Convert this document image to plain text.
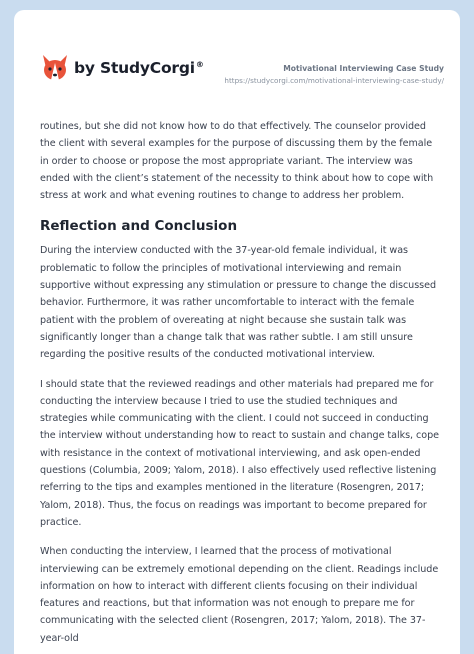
by StudyCorgi®	Motivational Interviewing Case Study
https://studycorgi.com/motivational-interviewing-case-study/

routines, but she did not know how to do that effectively. The counselor provided the client with several examples for the purpose of discussing them by the female in order to choose or propose the most appropriate variant. The interview was ended with the client’s statement of the necessity to think about how to cope with stress at work and what evening routines to change to address her problem.

Reflection and Conclusion

During the interview conducted with the 37-year-old female individual, it was problematic to follow the principles of motivational interviewing and remain supportive without expressing any stimulation or pressure to change the discussed behavior. Furthermore, it was rather uncomfortable to interact with the female patient with the problem of overeating at night because she sustain talk was significantly longer than a change talk that was rather subtle. I am still unsure regarding the positive results of the conducted motivational interview.

I should state that the reviewed readings and other materials had prepared me for conducting the interview because I tried to use the studied techniques and strategies while communicating with the client. I could not succeed in conducting the interview without understanding how to react to sustain and change talks, cope with resistance in the context of motivational interviewing, and ask open-ended questions (Columbia, 2009; Yalom, 2018). I also effectively used reflective listening referring to the tips and examples mentioned in the literature (Rosengren, 2017; Yalom, 2018). Thus, the focus on readings was important to become prepared for practice.

When conducting the interview, I learned that the process of motivational interviewing can be extremely emotional depending on the client. Readings include information on how to interact with different clients focusing on their individual features and reactions, but that information was not enough to prepare me for communicating with the selected client (Rosengren, 2017; Yalom, 2018). The 37-year-old
